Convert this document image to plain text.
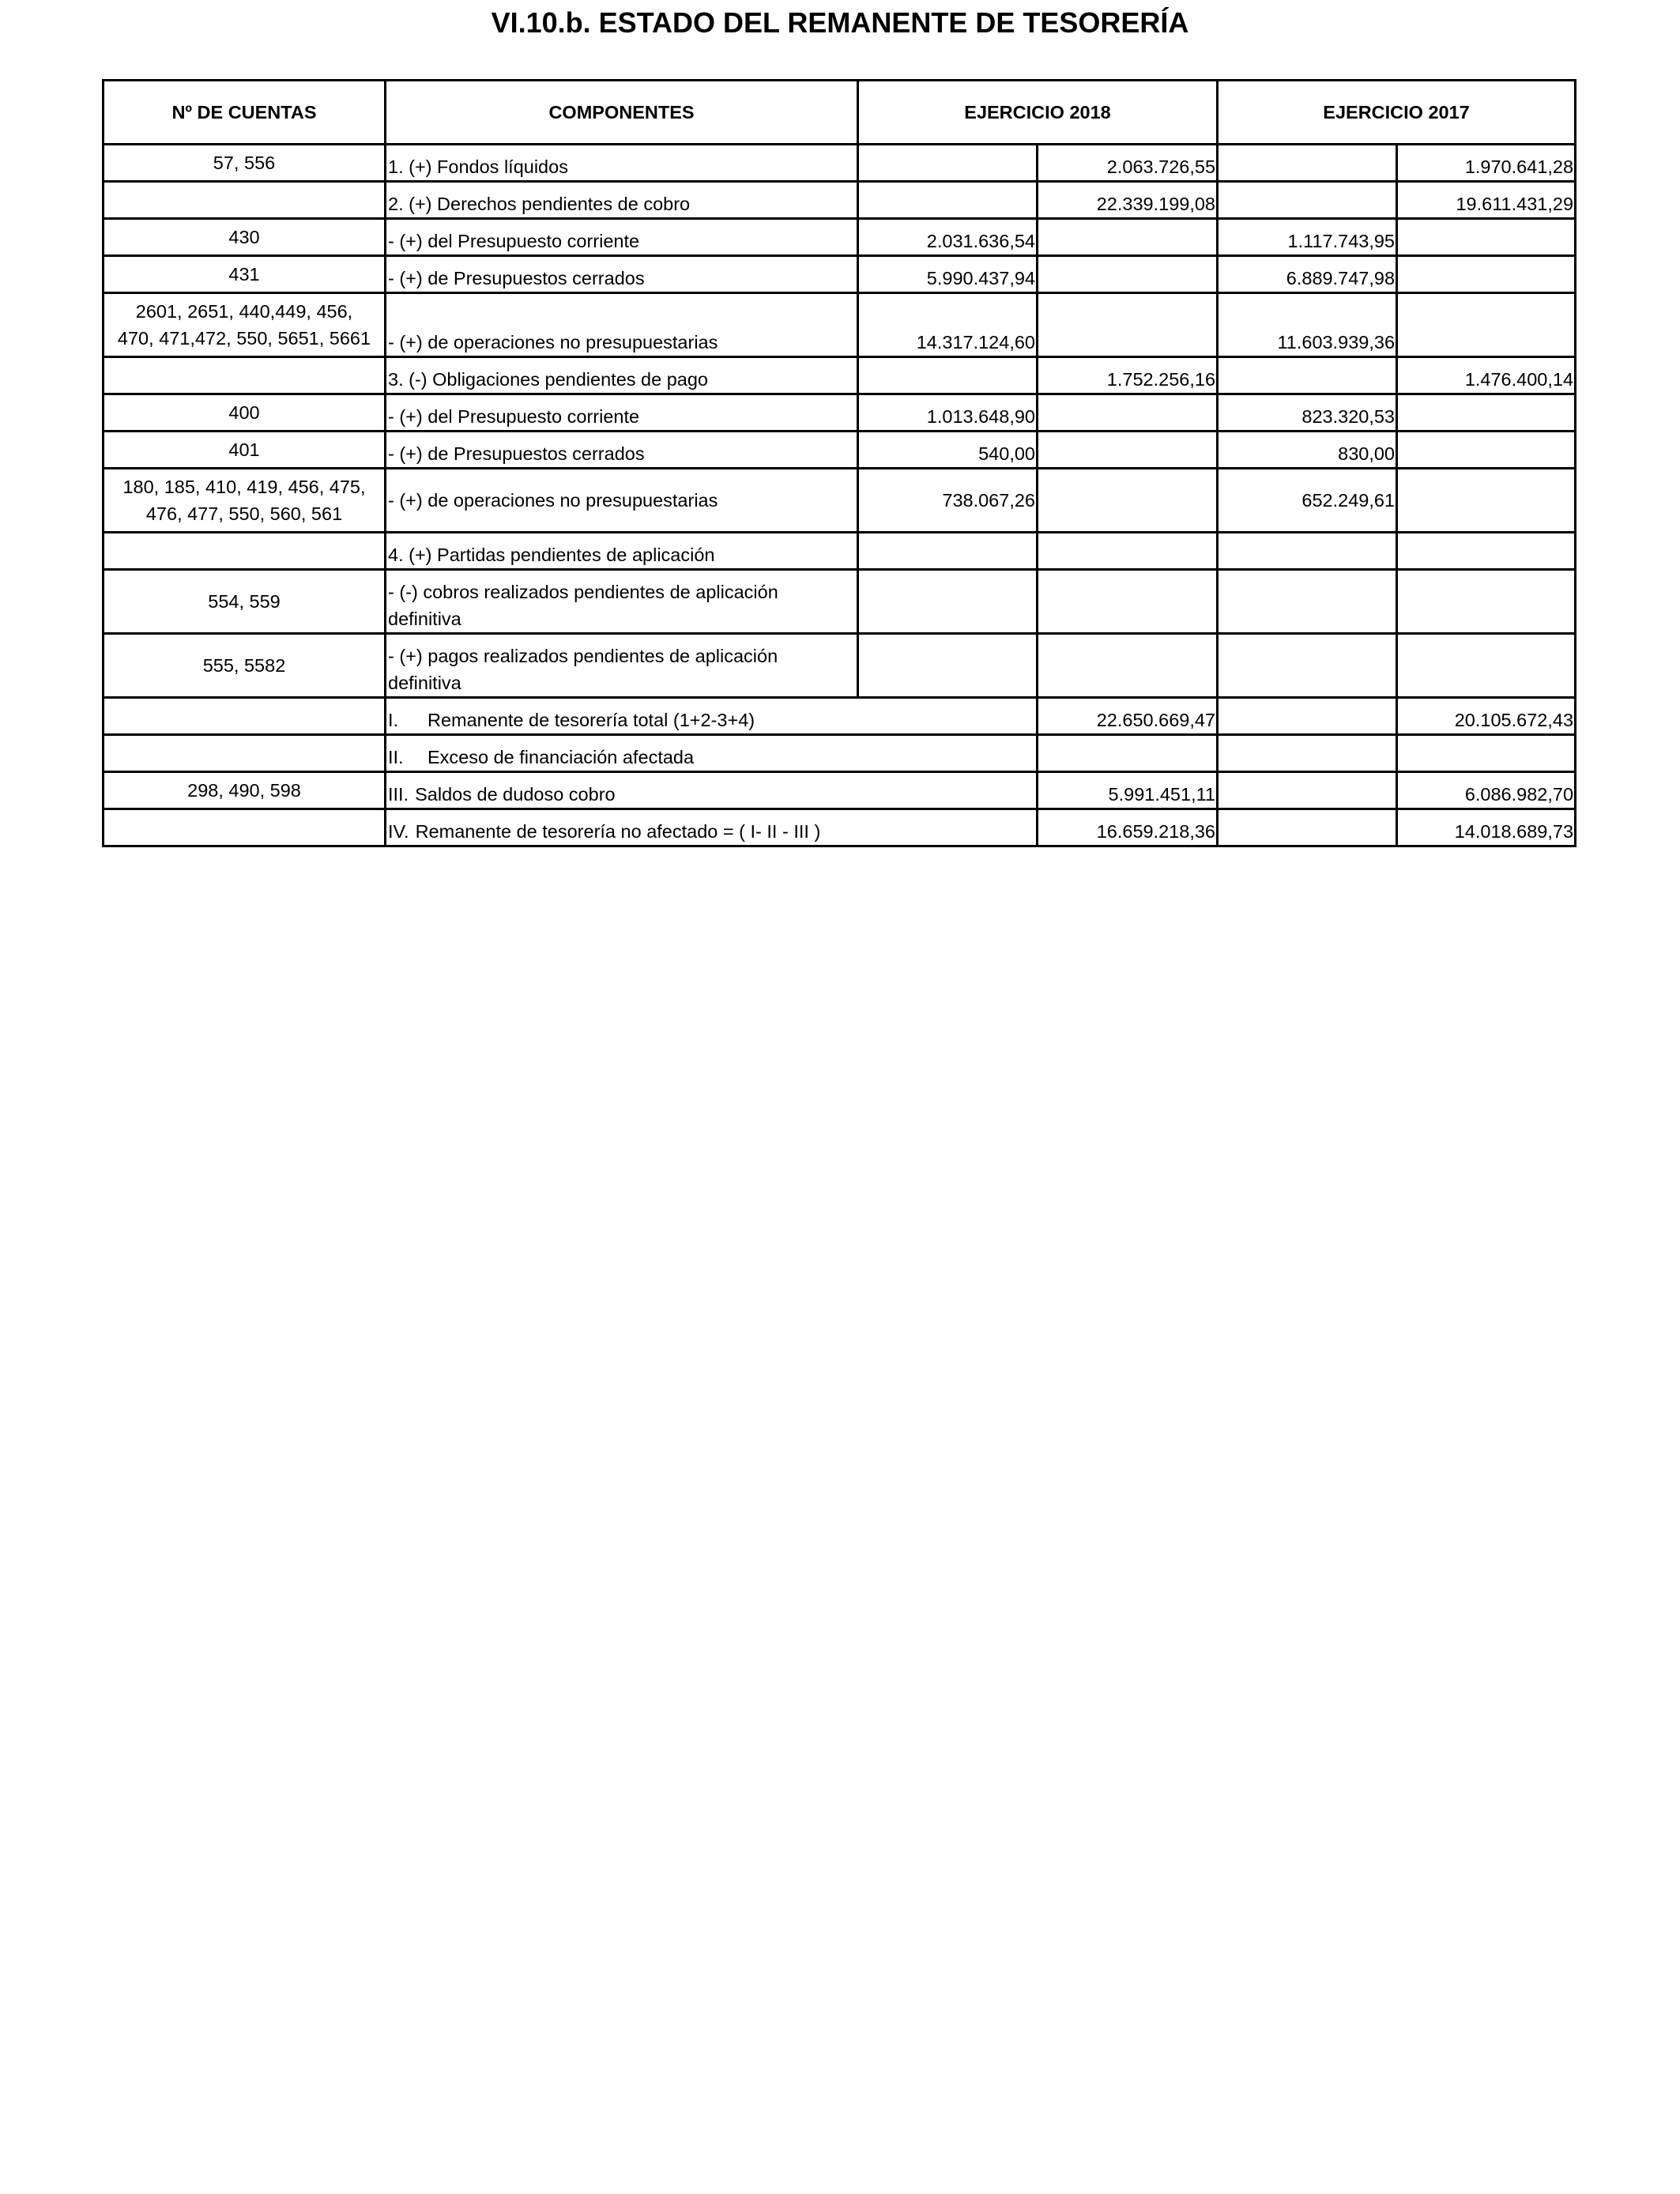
VI.10.b. ESTADO DEL REMANENTE DE TESORERÍA
Nº DE CUENTAS	COMPONENTES	EJERCICIO 2018		EJERCICIO 2017	
57, 556	1. (+) Fondos líquidos		2.063.726,55		1.970.641,28
	2. (+) Derechos pendientes de cobro		22.339.199,08		19.611.431,29
430	- (+) del Presupuesto corriente	2.031.636,54		1.117.743,95	
431	- (+) de Presupuestos cerrados	5.990.437,94		6.889.747,98	

2601, 2651, 440,449, 456,
470, 471,472, 550, 5651, 5661	- (+) de operaciones no presupuestarias	14.317.124,60		11.603.939,36	
	3. (-) Obligaciones pendientes de pago		1.752.256,16		1.476.400,14
400	- (+) del Presupuesto corriente	1.013.648,90		823.320,53	
401	- (+) de Presupuestos cerrados	540,00		830,00	

180, 185, 410, 419, 456, 475,
476, 477, 550, 560, 561	- (+) de operaciones no presupuestarias	738.067,26		652.249,61	
	4. (+) Partidas pendientes de aplicación				
554, 559	- (-) cobros realizados pendientes de aplicación
definitiva				

555, 5582	- (+) pagos realizados pendientes de aplicación
definitiva				

	I. Remanente de tesorería total (1+2-3+4)		22.650.669,47		20.105.672,43
	II. Exceso de financiación afectada				
298, 490, 598	III. Saldos de dudoso cobro		5.991.451,11		6.086.982,70
	IV. Remanente de tesorería no afectado = ( I- II - III )		16.659.218,36		14.018.689,73
